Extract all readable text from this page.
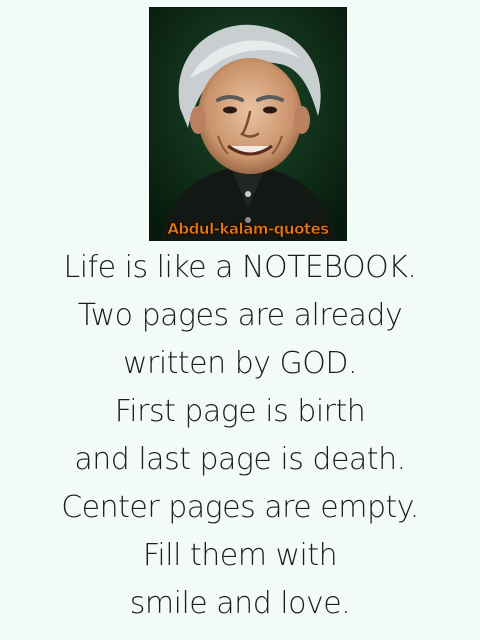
Abdul-kalam-quotes
Life is like a NOTEBOOK.
Two pages are already
written by GOD.
First page is birth
and last page is death.
Center pages are empty.
Fill them with
smile and love.
